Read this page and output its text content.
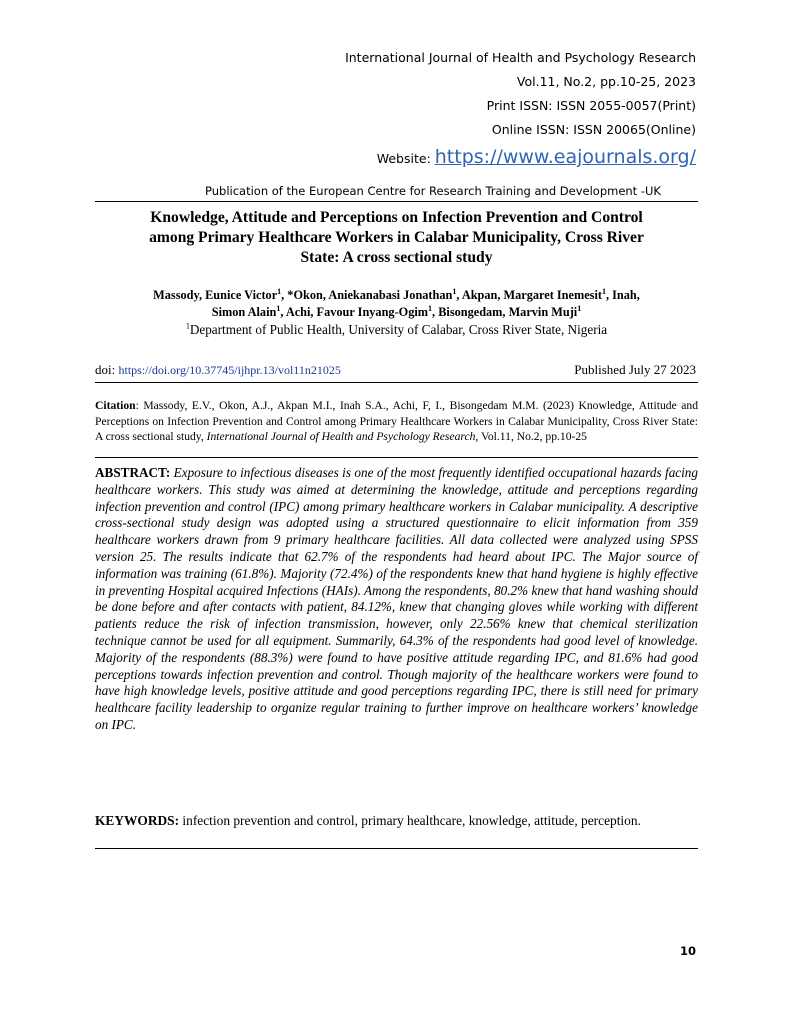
International Journal of Health and Psychology Research
Vol.11, No.2, pp.10-25, 2023
Print ISSN: ISSN 2055-0057(Print)
Online ISSN: ISSN 20065(Online)
Website: https://www.eajournals.org/
Publication of the European Centre for Research Training and Development -UK
Knowledge, Attitude and Perceptions on Infection Prevention and Control
among Primary Healthcare Workers in Calabar Municipality, Cross River
State: A cross sectional study
Massody, Eunice Victor$^1$, *Okon, Aniekanabasi Jonathan$^1$, Akpan, Margaret Inemesit$^1$, Inah,
Simon Alain$^1$, Achi, Favour Inyang-Ogim$^1$, Bisongedam, Marvin Muji$^1$
$^1$Department of Public Health, University of Calabar, Cross River State, Nigeria
doi: https://doi.org/10.37745/ijhpr.13/vol11n21025	Published July 27 2023
Citation: Massody, E.V., Okon, A.J., Akpan M.I., Inah S.A., Achi, F, I., Bisongedam M.M. (2023) Knowledge, Attitude and Perceptions on Infection Prevention and Control among Primary Healthcare Workers in Calabar Municipality, Cross River State: A cross sectional study, International Journal of Health and Psychology Research, Vol.11, No.2, pp.10-25
ABSTRACT: Exposure to infectious diseases is one of the most frequently identified occupational hazards facing healthcare workers. This study was aimed at determining the knowledge, attitude and perceptions regarding infection prevention and control (IPC) among primary healthcare workers in Calabar municipality. A descriptive cross-sectional study design was adopted using a structured questionnaire to elicit information from 359 healthcare workers drawn from 9 primary healthcare facilities. All data collected were analyzed using SPSS version 25. The results indicate that 62.7% of the respondents had heard about IPC. The Major source of information was training (61.8%). Majority (72.4%) of the respondents knew that hand hygiene is highly effective in preventing Hospital acquired Infections (HAIs). Among the respondents, 80.2% knew that hand washing should be done before and after contacts with patient, 84.12%, knew that changing gloves while working with different patients reduce the risk of infection transmission, however, only 22.56% knew that chemical sterilization technique cannot be used for all equipment. Summarily, 64.3% of the respondents had good level of knowledge. Majority of the respondents (88.3%) were found to have positive attitude regarding IPC, and 81.6% had good perceptions towards infection prevention and control. Though majority of the healthcare workers were found to have high knowledge levels, positive attitude and good perceptions regarding IPC, there is still need for primary healthcare facility leadership to organize regular training to further improve on healthcare workers’ knowledge on IPC.
KEYWORDS: infection prevention and control, primary healthcare, knowledge, attitude, perception.
10
